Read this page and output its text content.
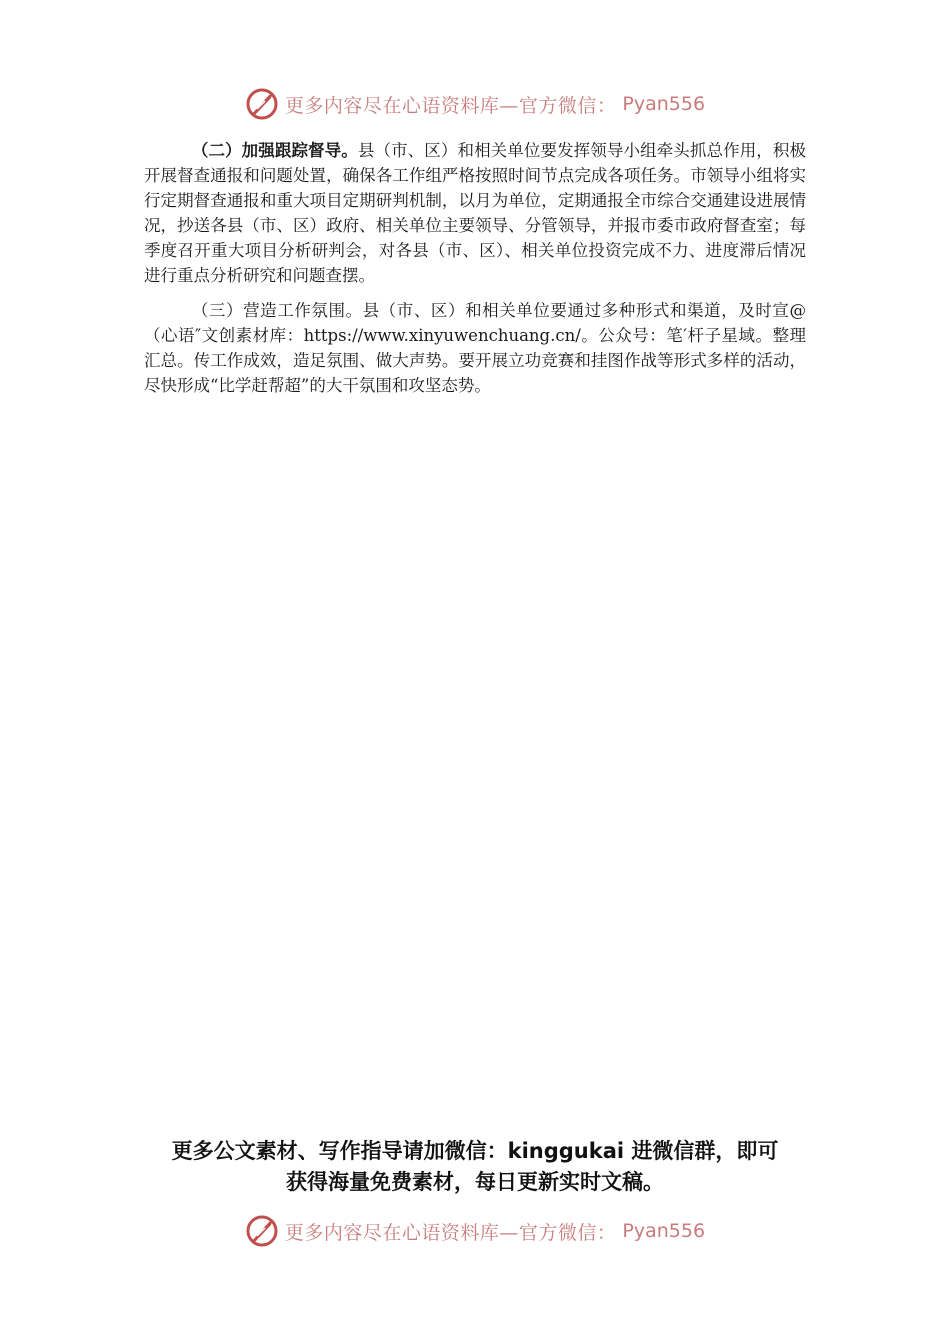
更多内容尽在心语资料库—官方微信： Pyan556

（二）加强跟踪督导。县（市、区）和相关单位要发挥领导小组牵头抓总作用，积极开展督查通报和问题处置，确保各工作组严格按照时间节点完成各项任务。市领导小组将实行定期督查通报和重大项目定期研判机制，以月为单位，定期通报全市综合交通建设进展情况，抄送各县（市、区）政府、相关单位主要领导、分管领导，并报市委市政府督查室；每季度召开重大项目分析研判会，对各县（市、区）、相关单位投资完成不力、进度滞后情况进行重点分析研究和问题查摆。

（三）营造工作氛围。县（市、区）和相关单位要通过多种形式和渠道，及时宣@（心语″文创素材库：https://www.xinyuwenchuang.cn/。公众号：笔′杆子星域。整理汇总。传工作成效，造足氛围、做大声势。要开展立功竞赛和挂图作战等形式多样的活动，尽快形成“比学赶帮超”的大干氛围和攻坚态势。

更多公文素材、写作指导请加微信：kinggukai 进微信群，即可
获得海量免费素材，每日更新实时文稿。
更多内容尽在心语资料库—官方微信： Pyan556
